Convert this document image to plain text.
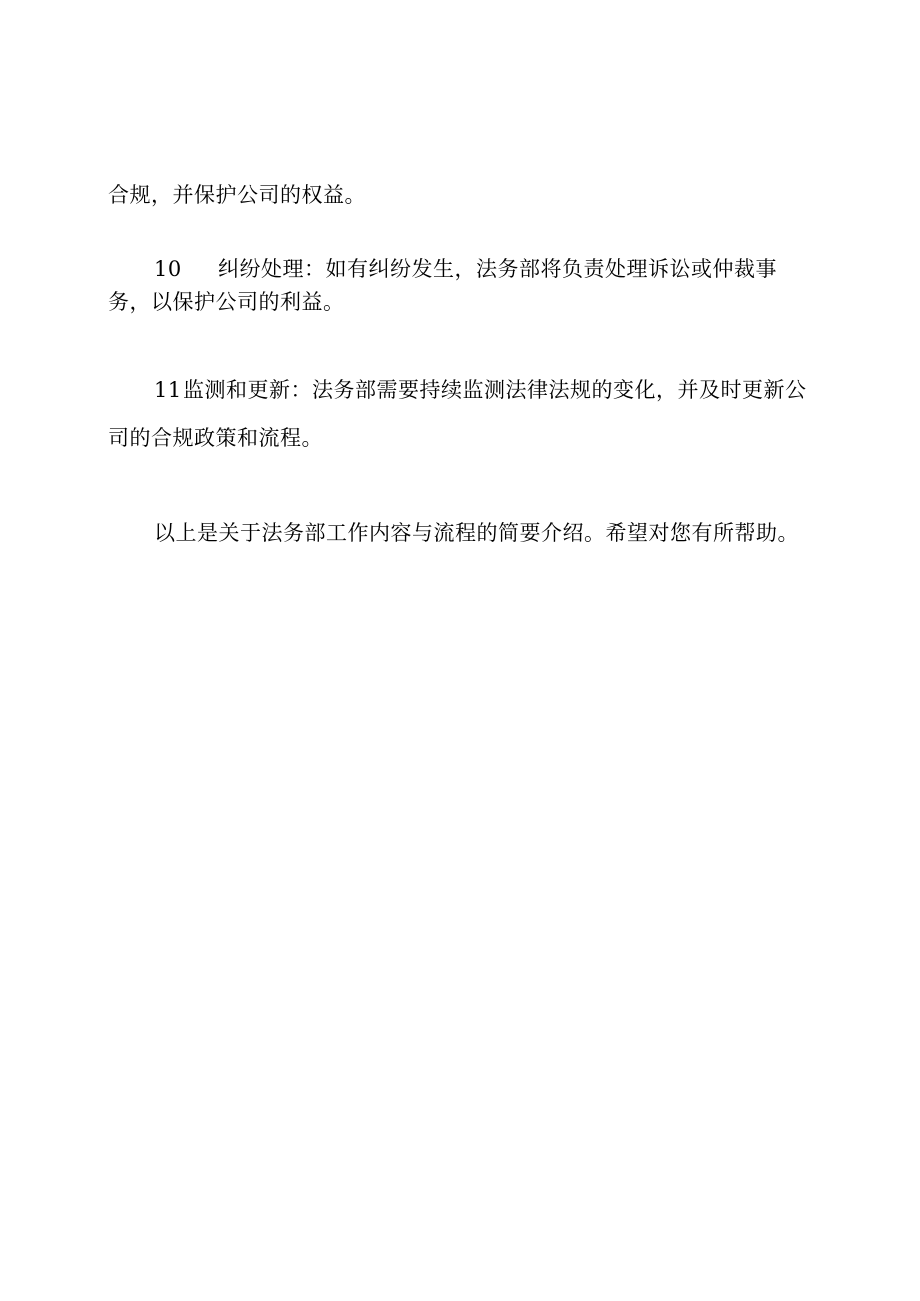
合规，并保护公司的权益。
10 纠纷处理：如有纠纷发生，法务部将负责处理诉讼或仲裁事
务，以保护公司的利益。
11 监测和更新：法务部需要持续监测法律法规的变化，并及时更新公
司的合规政策和流程。
以上是关于法务部工作内容与流程的简要介绍。希望对您有所帮助。
